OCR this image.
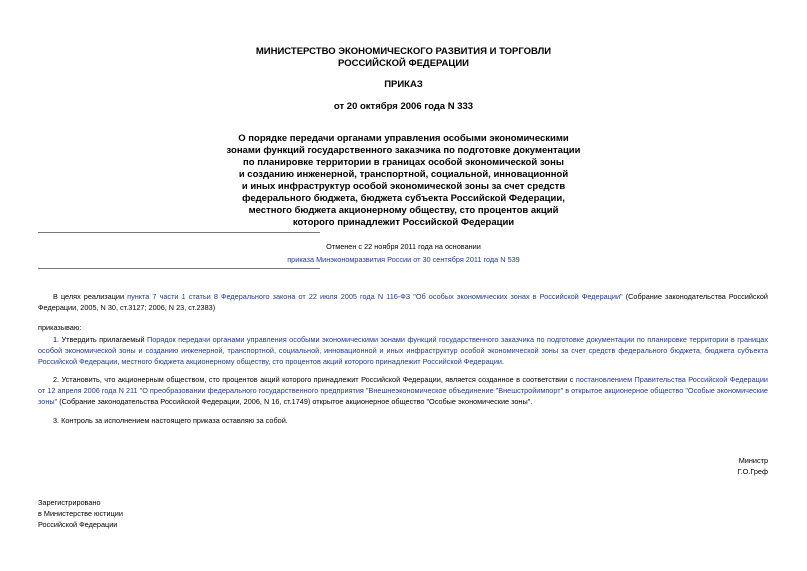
МИНИСТЕРСТВО ЭКОНОМИЧЕСКОГО РАЗВИТИЯ И ТОРГОВЛИ
РОССИЙСКОЙ ФЕДЕРАЦИИ
ПРИКАЗ
от 20 октября 2006 года N 333
О порядке передачи органами управления особыми экономическими
зонами функций государственного заказчика по подготовке документации
по планировке территории в границах особой экономической зоны
и созданию инженерной, транспортной, социальной, инновационной
и иных инфраструктур особой экономической зоны за счет средств
федерального бюджета, бюджета субъекта Российской Федерации,
местного бюджета акционерному обществу, сто процентов акций
которого принадлежит Российской Федерации
Отменен с 22 ноября 2011 года на основании
приказа Минэкономразвития России от 30 сентября 2011 года N 539
В целях реализации пункта 7 части 1 статьи 8 Федерального закона от 22 июля 2005 года N 116-ФЗ "Об особых экономических зонах в Российской Федерации" (Собрание законодательства Российской Федерации, 2005, N 30, ст.3127; 2006, N 23, ст.2383)
приказываю:
1. Утвердить прилагаемый Порядок передачи органами управления особыми экономическими зонами функций государственного заказчика по подготовке документации по планировке территории в границах особой экономической зоны и созданию инженерной, транспортной, социальной, инновационной и иных инфраструктур особой экономической зоны за счет средств федерального бюджета, бюджета субъекта Российской Федерации, местного бюджета акционерному обществу, сто процентов акций которого принадлежит Российской Федерации.
2. Установить, что акционерным обществом, сто процентов акций которого принадлежит Российской Федерации, является созданное в соответствии с постановлением Правительства Российской Федерации от 12 апреля 2006 года N 211 "О преобразовании федерального государственного предприятия "Внешнеэкономическое объединение "Внешстройимпорт" в открытое акционерное общество "Особые экономические зоны" (Собрание законодательства Российской Федерации, 2006, N 16, ст.1749) открытое акционерное общество "Особые экономические зоны".
3. Контроль за исполнением настоящего приказа оставляю за собой.
Министр
Г.О.Греф
Зарегистрировано
в Министерстве юстиции
Российской Федерации
